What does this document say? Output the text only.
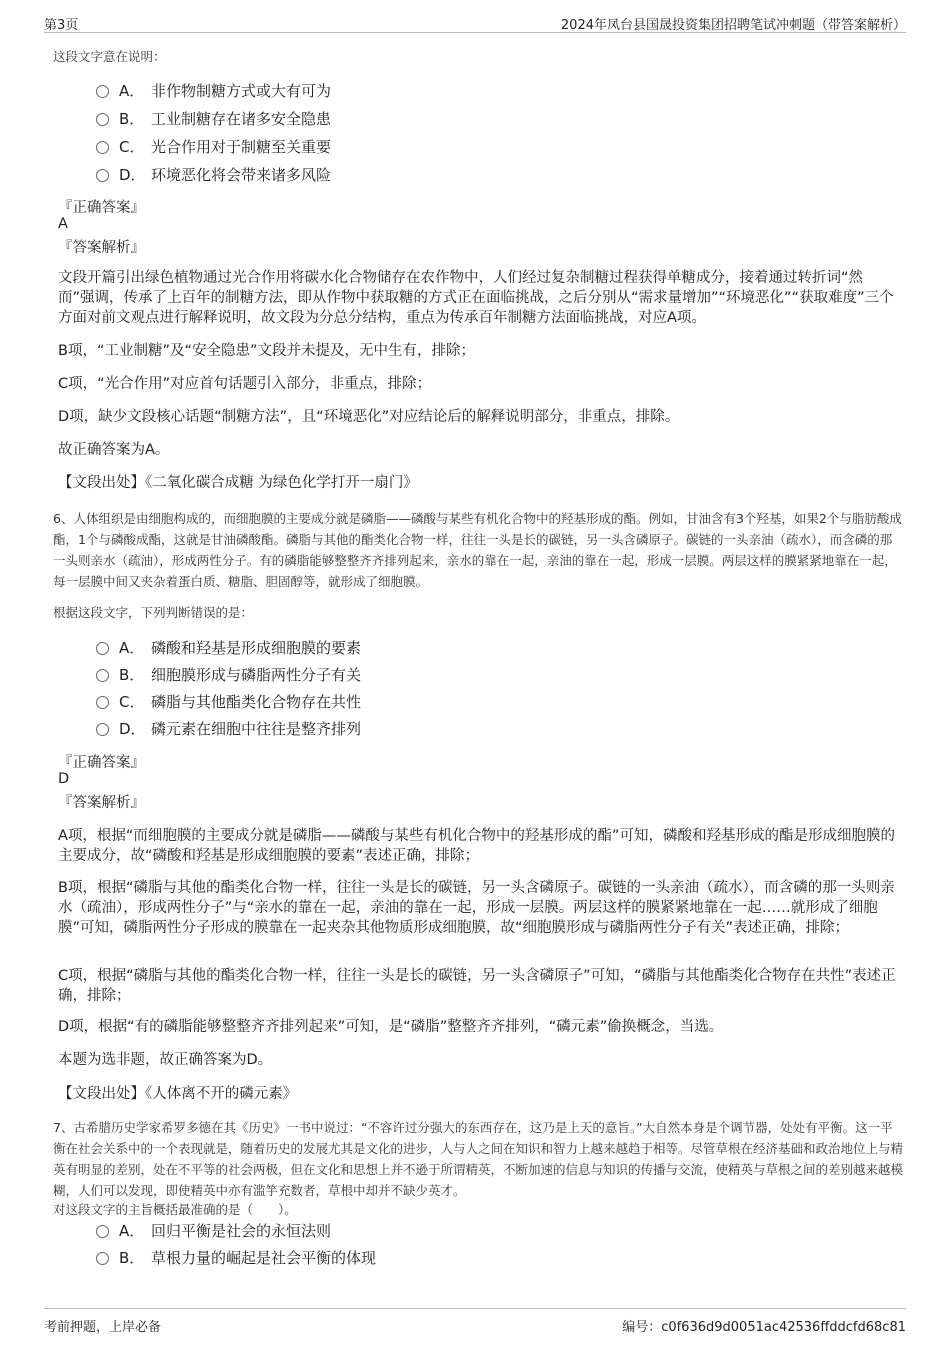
第3页	2024年凤台县国晟投资集团招聘笔试冲刺题（带答案解析）
这段文字意在说明：
A． 非作物制糖方式或大有可为
B． 工业制糖存在诸多安全隐患
C． 光合作用对于制糖至关重要
D． 环境恶化将会带来诸多风险
『正确答案』
A
『答案解析』
文段开篇引出绿色植物通过光合作用将碳水化合物储存在农作物中，人们经过复杂制糖过程获得单糖成分，接着通过转折词“然而”强调，传承了上百年的制糖方法，即从作物中获取糖的方式正在面临挑战，之后分别从“需求量增加”“环境恶化”“获取难度”三个方面对前文观点进行解释说明，故文段为分总分结构，重点为传承百年制糖方法面临挑战，对应A项。
B项，“工业制糖”及“安全隐患”文段并未提及，无中生有，排除；
C项，“光合作用”对应首句话题引入部分，非重点，排除；
D项，缺少文段核心话题“制糖方法”，且“环境恶化”对应结论后的解释说明部分，非重点，排除。
故正确答案为A。
【文段出处】《二氧化碳合成糖 为绿色化学打开一扇门》
6、人体组织是由细胞构成的，而细胞膜的主要成分就是磷脂——磷酸与某些有机化合物中的羟基形成的酯。例如，甘油含有3个羟基，如果2个与脂肪酸成酯，1个与磷酸成酯，这就是甘油磷酸酯。磷脂与其他的酯类化合物一样，往往一头是长的碳链，另一头含磷原子。碳链的一头亲油（疏水），而含磷的那一头则亲水（疏油），形成两性分子。有的磷脂能够整整齐齐排列起来，亲水的靠在一起，亲油的靠在一起，形成一层膜。两层这样的膜紧紧地靠在一起，每一层膜中间又夹杂着蛋白质、糖脂、胆固醇等，就形成了细胞膜。
根据这段文字，下列判断错误的是：
A． 磷酸和羟基是形成细胞膜的要素
B． 细胞膜形成与磷脂两性分子有关
C． 磷脂与其他酯类化合物存在共性
D． 磷元素在细胞中往往是整齐排列
『正确答案』
D
『答案解析』
A项，根据“而细胞膜的主要成分就是磷脂——磷酸与某些有机化合物中的羟基形成的酯”可知，磷酸和羟基形成的酯是形成细胞膜的主要成分，故“磷酸和羟基是形成细胞膜的要素”表述正确，排除；
B项，根据“磷脂与其他的酯类化合物一样，往往一头是长的碳链，另一头含磷原子。碳链的一头亲油（疏水），而含磷的那一头则亲水（疏油），形成两性分子”与“亲水的靠在一起，亲油的靠在一起，形成一层膜。两层这样的膜紧紧地靠在一起……就形成了细胞膜”可知，磷脂两性分子形成的膜靠在一起夹杂其他物质形成细胞膜，故“细胞膜形成与磷脂两性分子有关”表述正确，排除；
C项，根据“磷脂与其他的酯类化合物一样，往往一头是长的碳链，另一头含磷原子”可知，“磷脂与其他酯类化合物存在共性”表述正确，排除；
D项，根据“有的磷脂能够整整齐齐排列起来”可知，是“磷脂”整整齐齐排列，“磷元素”偷换概念，当选。
本题为选非题，故正确答案为D。
【文段出处】《人体离不开的磷元素》
7、古希腊历史学家希罗多德在其《历史》一书中说过：“不容许过分强大的东西存在，这乃是上天的意旨。”大自然本身是个调节器，处处有平衡。这一平衡在社会关系中的一个表现就是，随着历史的发展尤其是文化的进步，人与人之间在知识和智力上越来越趋于相等。尽管草根在经济基础和政治地位上与精英有明显的差别，处在不平等的社会两极，但在文化和思想上并不逊于所谓精英，不断加速的信息与知识的传播与交流，使精英与草根之间的差别越来越模糊，人们可以发现，即使精英中亦有滥竽充数者，草根中却并不缺少英才。
对这段文字的主旨概括最准确的是（　　）。
A． 回归平衡是社会的永恒法则
B． 草根力量的崛起是社会平衡的体现
考前押题，上岸必备	编号：c0f636d9d0051ac42536ffddcfd68c81
